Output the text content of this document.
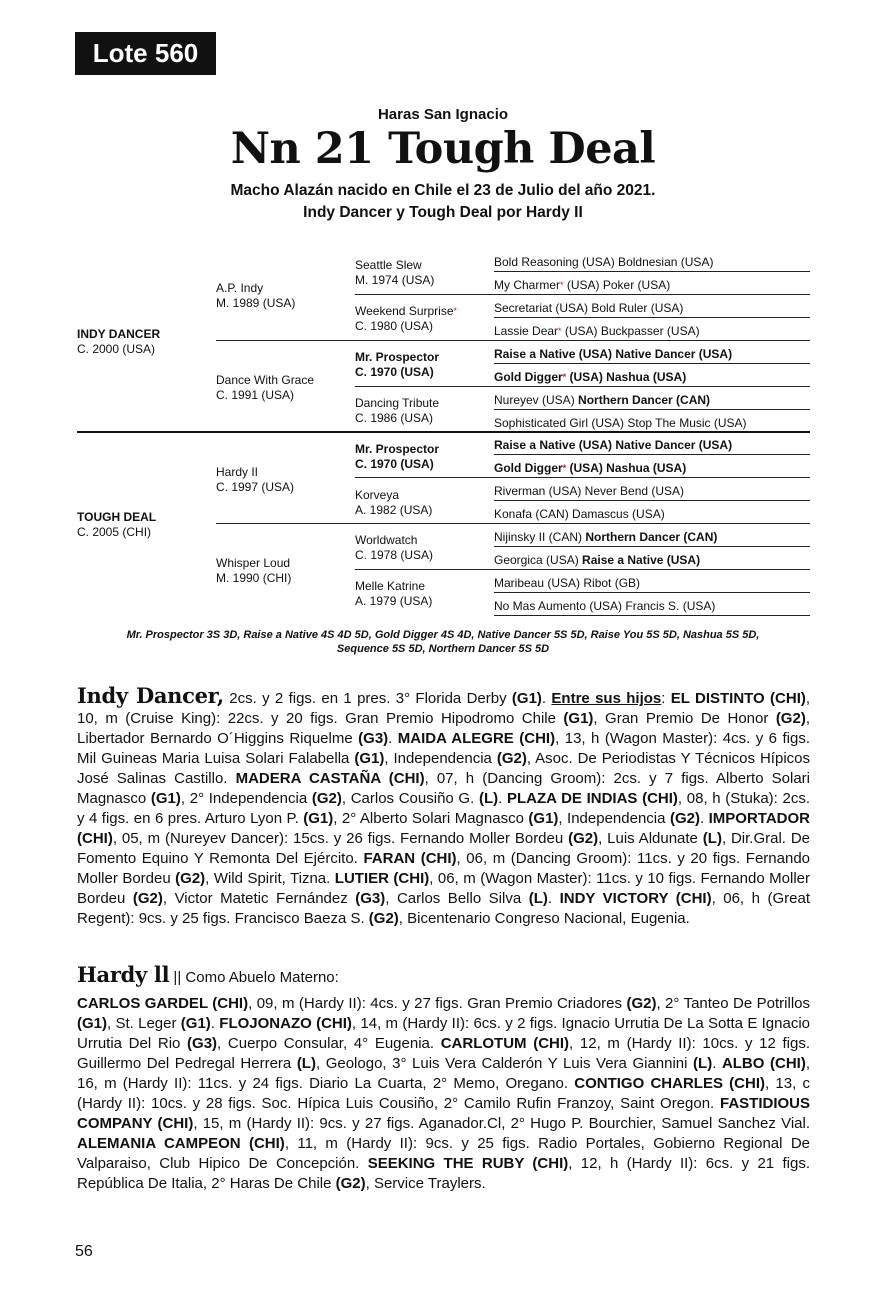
Lote 560
Haras San Ignacio
Nn 21 Tough Deal
Macho Alazán nacido en Chile el 23 de Julio del año 2021.
Indy Dancer y Tough Deal por Hardy II
INDY DANCER
C. 2000 (USA)
TOUGH DEAL
C. 2005 (CHI)
A.P. Indy
M. 1989 (USA)
Dance With Grace
C. 1991 (USA)
Hardy II
C. 1997 (USA)
Whisper Loud
M. 1990 (CHI)
Seattle Slew
M. 1974 (USA)
Weekend Surprise*
C. 1980 (USA)
Mr. Prospector
C. 1970 (USA)
Dancing Tribute
C. 1986 (USA)
Mr. Prospector
C. 1970 (USA)
Korveya
A. 1982 (USA)
Worldwatch
C. 1978 (USA)
Melle Katrine
A. 1979 (USA)
Bold Reasoning (USA) Boldnesian (USA)
My Charmer* (USA) Poker (USA)
Secretariat (USA) Bold Ruler (USA)
Lassie Dear* (USA) Buckpasser (USA)
Raise a Native (USA) Native Dancer (USA)
Gold Digger* (USA) Nashua (USA)
Nureyev (USA) Northern Dancer (CAN)
Sophisticated Girl (USA) Stop The Music (USA)
Raise a Native (USA) Native Dancer (USA)
Gold Digger* (USA) Nashua (USA)
Riverman (USA) Never Bend (USA)
Konafa (CAN) Damascus (USA)
Nijinsky II (CAN) Northern Dancer (CAN)
Georgica (USA) Raise a Native (USA)
Maribeau (USA) Ribot (GB)
No Mas Aumento (USA) Francis S. (USA)
Mr. Prospector 3S 3D, Raise a Native 4S 4D 5D, Gold Digger 4S 4D, Native Dancer 5S 5D, Raise You 5S 5D, Nashua 5S 5D,
Sequence 5S 5D, Northern Dancer 5S 5D
Indy Dancer, 2cs. y 2 figs. en 1 pres. 3° Florida Derby (G1). Entre sus hijos: EL DISTINTO (CHI), 10, m (Cruise King): 22cs. y 20 figs. Gran Premio Hipodromo Chile (G1), Gran Premio De Honor (G2), Libertador Bernardo O´Higgins Riquelme (G3). MAIDA ALEGRE (CHI), 13, h (Wagon Master): 4cs. y 6 figs. Mil Guineas Maria Luisa Solari Falabella (G1), Independencia (G2), Asoc. De Periodistas Y Técnicos Hípicos José Salinas Castillo. MADERA CASTAÑA (CHI), 07, h (Dancing Groom): 2cs. y 7 figs. Alberto Solari Magnasco (G1), 2° Independencia (G2), Carlos Cousiño G. (L). PLAZA DE INDIAS (CHI), 08, h (Stuka): 2cs. y 4 figs. en 6 pres. Arturo Lyon P. (G1), 2° Alberto Solari Magnasco (G1), Independencia (G2). IMPORTADOR (CHI), 05, m (Nureyev Dancer): 15cs. y 26 figs. Fernando Moller Bordeu (G2), Luis Aldunate (L), Dir.Gral. De Fomento Equino Y Remonta Del Ejército. FARAN (CHI), 06, m (Dancing Groom): 11cs. y 20 figs. Fernando Moller Bordeu (G2), Wild Spirit, Tizna. LUTIER (CHI), 06, m (Wagon Master): 11cs. y 10 figs. Fernando Moller Bordeu (G2), Victor Matetic Fernández (G3), Carlos Bello Silva (L). INDY VICTORY (CHI), 06, h (Great Regent): 9cs. y 25 figs. Francisco Baeza S. (G2), Bicentenario Congreso Nacional, Eugenia.
Hardy ll || Como Abuelo Materno:
CARLOS GARDEL (CHI), 09, m (Hardy II): 4cs. y 27 figs. Gran Premio Criadores (G2), 2° Tanteo De Potrillos (G1), St. Leger (G1). FLOJONAZO (CHI), 14, m (Hardy II): 6cs. y 2 figs. Ignacio Urrutia De La Sotta E Ignacio Urrutia Del Rio (G3), Cuerpo Consular, 4° Eugenia. CARLOTUM (CHI), 12, m (Hardy II): 10cs. y 12 figs. Guillermo Del Pedregal Herrera (L), Geologo, 3° Luis Vera Calderón Y Luis Vera Giannini (L). ALBO (CHI), 16, m (Hardy II): 11cs. y 24 figs. Diario La Cuarta, 2° Memo, Oregano. CONTIGO CHARLES (CHI), 13, c (Hardy II): 10cs. y 28 figs. Soc. Hípica Luis Cousiño, 2° Camilo Rufin Franzoy, Saint Oregon. FASTIDIOUS COMPANY (CHI), 15, m (Hardy II): 9cs. y 27 figs. Aganador.Cl, 2° Hugo P. Bourchier, Samuel Sanchez Vial. ALEMANIA CAMPEON (CHI), 11, m (Hardy II): 9cs. y 25 figs. Radio Portales, Gobierno Regional De Valparaiso, Club Hipico De Concepción. SEEKING THE RUBY (CHI), 12, h (Hardy II): 6cs. y 21 figs. República De Italia, 2° Haras De Chile (G2), Service Traylers.
56
